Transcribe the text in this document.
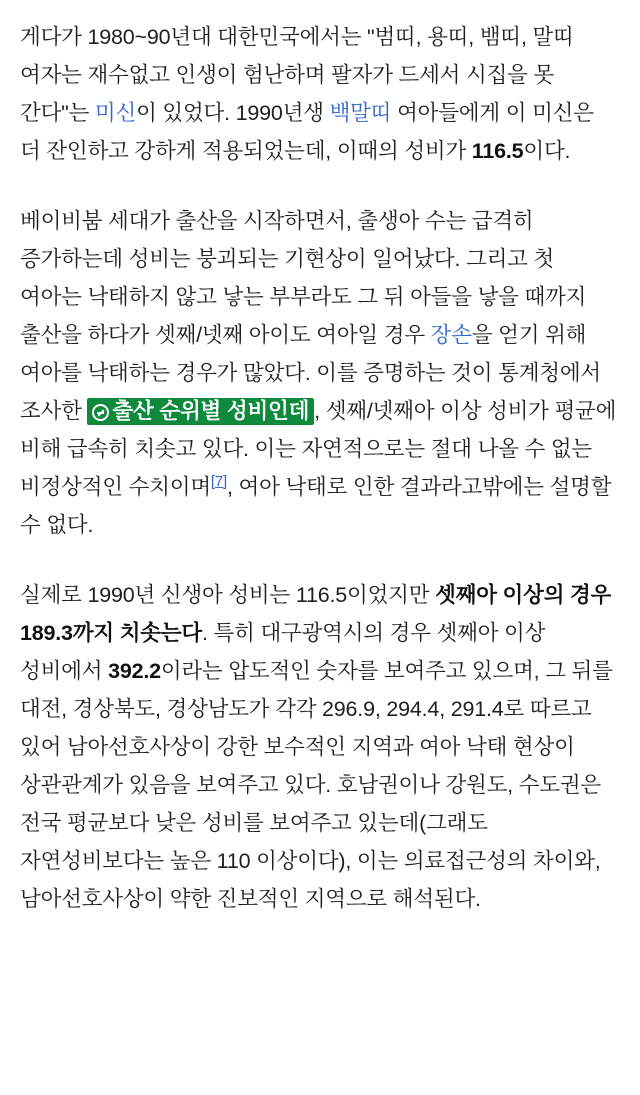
게다가 1980~90년대 대한민국에서는 "범띠, 용띠, 뱀띠, 말띠 여자는 재수없고 인생이 험난하며 팔자가 드세서 시집을 못 간다"는 미신이 있었다. 1990년생 백말띠 여아들에게 이 미신은 더 잔인하고 강하게 적용되었는데, 이때의 성비가 116.5이다.

베이비붐 세대가 출산을 시작하면서, 출생아 수는 급격히 증가하는데 성비는 붕괴되는 기현상이 일어났다. 그리고 첫 여아는 낙태하지 않고 낳는 부부라도 그 뒤 아들을 낳을 때까지 출산을 하다가 셋째/넷째 아이도 여아일 경우 장손을 얻기 위해 여아를 낙태하는 경우가 많았다. 이를 증명하는 것이 통계청에서 조사한 출산 순위별 성비인데 , 셋째/넷째아 이상 성비가 평균에 비해 급속히 치솟고 있다. 이는 자연적으로는 절대 나올 수 없는 비정상적인 수치이며[7], 여아 낙태로 인한 결과라고밖에는 설명할 수 없다.

실제로 1990년 신생아 성비는 116.5이었지만 셋째아 이상의 경우 189.3까지 치솟는다. 특히 대구광역시의 경우 셋째아 이상 성비에서 392.2이라는 압도적인 숫자를 보여주고 있으며, 그 뒤를 대전, 경상북도, 경상남도가 각각 296.9, 294.4, 291.4로 따르고 있어 남아선호사상이 강한 보수적인 지역과 여아 낙태 현상이 상관관계가 있음을 보여주고 있다. 호남권이나 강원도, 수도권은 전국 평균보다 낮은 성비를 보여주고 있는데(그래도 자연성비보다는 높은 110 이상이다), 이는 의료접근성의 차이와, 남아선호사상이 약한 진보적인 지역으로 해석된다.
